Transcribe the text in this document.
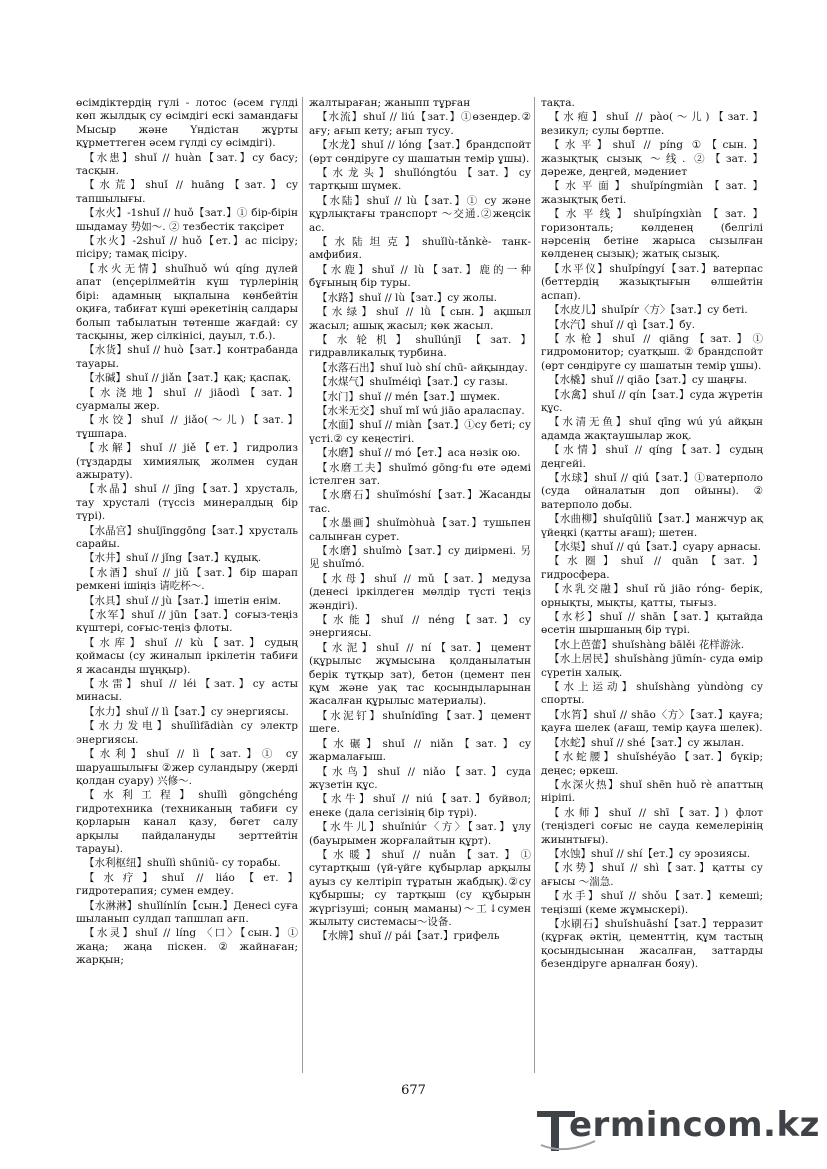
өсімдіктердің гүлі - лотос (әсем гүлді көп жылдық су өсімдігі ескі замандағы Мысыр және Үндістан жұрты құрметтеген әсем гүлді су өсімдігі).

【水患】shuǐ // huàn【зат.】су басу; тасқын.

【水荒】shuǐ // huāng【зат.】су тапшылығы.

【水火】-1shuǐ // huǒ【зат.】① бір-бірін шыдамау 势如～. ② тезбестік тақсірет

【水火】-2shuǐ // huǒ【ет.】ас пісіру; пісіру; тамақ пісіру.

【水火无情】shuǐhuǒ wú qíng дүлей апат (ençерілмейтін күш түрлерінің бірі: адамның ықпалына көнбейтін оқиға, табиғат күші әрекетінің салдары болып табылатын төтенше жағдай: су тасқыны, жер сілкінісі, дауыл, т.б.).

【水货】shuǐ // huò【зат.】контрабанда тауары.

【水碱】shuǐ // jiǎn【зат.】қақ; қаспақ.

【水浇地】shuǐ // jiāodì【зат.】суармалы жер.

【水饺】shuǐ // jiǎo(～儿)【зат.】тұшпара.

【水解】shuǐ // jiě【ет.】гидролиз (тұздарды химиялық жолмен судан ажырату).

【水晶】shuǐ // jīng【зат.】хрусталь, тау хрусталі (түссіз минералдың бір түрі).

【水晶宫】shuǐjīnggōng【зат.】хрусталь сарайы.

【水井】shuǐ // jǐng【зат.】құдық.

【水酒】shuǐ // jiǔ【зат.】бір шарап ремкені ішіңіз 请吃杯～.

【水具】shuǐ // jù【зат.】ішетін енім.

【水军】shuǐ // jūn【зат.】соғыз-теңіз күштері, соғыс-теңіз флоты.

【水库】shuǐ // kù【зат.】судың қоймасы (су жиналып іркілетін табиғи я жасанды шұңқыр).

【水雷】shuǐ // léi【зат.】су асты минасы.

【水力】shuǐ // lì【зат.】су энергиясы.

【水力发电】shuǐlìfādiàn су электр энергиясы.

【水利】shuǐ // lì【зат.】① су шаруашылығы ②жер суландыру (жерді қолдан суару) 兴修～.

【水利工程】shuǐlì gōngchéng гидротехника (техниканың табиғи су қорларын канал қазу, бөгет салу арқылы пайдалануды зерттейтін тарауы).

【水利枢纽】shuǐlì shūniǔ- су торабы.

【水疗】shuǐ // liáo【ет.】гидротерапия; сумен емдеу.

【水淋淋】shuǐlínlín【сын.】Денесі суға шыланып сулдап тапшлап ағп.

【水灵】shuǐ // líng 〈口〉【сын.】① жаңа; жаңа піскен.②жайнаған; жарқын;

жалтыраған; жаныпп тұрған

【水流】shuǐ // liú【зат.】①өзендер.② ағу; ағып кету; ағып тусу.

【水龙】shuǐ // lóng【зат.】брандспойт (өрт сөндіруге су шашатын темір ұшы).

【水龙头】shuǐlóngtóu【зат.】су тартқыш шүмек.

【水陆】shuǐ // lù【зат.】① су және құрлықтағы транспорт ～交通.②жеңсік ас.

【水陆坦克】shuǐlù-tǎnkè- танк-амфибия.

【水鹿】shuǐ // lù【зат.】鹿的一种 бұғының бір туры.

【水路】shuǐ // lù【зат.】су жолы.

【水绿】shuǐ // lǜ【сын.】ақшыл жасыл; ашық жасыл; көк жасыл.

【水轮机】shuǐlúnjī【зат.】гидравликалық турбина.

【水落石出】shuǐ luò shí chū- айқындау.

【水煤气】shuǐméiqì【зат.】су газы.

【水门】shuǐ // mén【зат.】шүмек.

【水米无交】shuǐ mǐ wú jiāo араласпау.

【水面】shuǐ // miàn【зат.】①су беті; су үсті.② су кеңестігі.

【水磨】shuǐ // mó【ет.】аса нәзік ою.

【水磨工夫】shuǐmó gōng·fu өте әдемі істелген зат.

【水磨石】shuǐmóshí【зат.】Жасанды тас.

【水墨画】shuǐmòhuà【зат.】тушьпен салынған сурет.

【水磨】shuǐmò【зат.】су диірмені. 另见 shuǐmó.

【水母】shuǐ // mǔ【зат.】медуза (денесі іркілдеген мөлдір түсті теңіз жәндігі).

【水能】shuǐ // néng【зат.】су энергиясы.

【水泥】shuǐ // ní【зат.】цемент (құрылыс жұмысына қолданылатын берік тұтқыр зат), бетон (цемент пен құм және уақ тас қосындыларынан жасалған құрылыс материалы).

【水泥钉】shuǐnídīng【зат.】цемент шеге.

【水碾】shuǐ // niǎn【зат.】су жармалағыш.

【水鸟】shuǐ // niǎo【зат.】суда жүзетін құс.

【水牛】shuǐ // niú【зат.】буйвол; енеке (дала сегізінің бір түрі).

【水牛儿】shuǐniúr〈方〉【зат.】ұлу (бауырымен жорғалайтын құрт).

【水暖】shuǐ // nuǎn【зат.】① сутартқыш (үй-үйге құбырлар арқылы ауыз су келтіріп тұратын жабдық).②су құбыршы; су тартқыш (су құбырын жүргізуші; соның маманы)～工↓сумен жылыту системасы～设备.

【水牌】shuǐ // pái【зат.】грифель

тақта.

【水疱】shuǐ // pào(～儿)【зат.】везикул; сулы бөртпе.

【水平】shuǐ // píng ①【сын.】жазықтық сызық ～线. ②【зат.】дәреже, деңгей, мәдениет

【水平面】shuǐpíngmiàn【зат.】жазықтық беті.

【水平线】shuǐpíngxiàn【зат.】горизонталь; көлденең (белгілі нәрсенің бетіне жарыса сызылған көлденең сызық); жатық сызық.

【水平仪】shuǐpíngyí【зат.】ватерпас (беттердің жазықтығын өлшейтін аспап).

【水皮儿】shuǐpír〈方〉【зат.】су беті.

【水汽】shuǐ // qì【зат.】бу.

【水枪】shuǐ // qiāng【зат.】① гидромонитор; суатқыш. ② брандспойт (өрт сөндіруге су шашатын темір ұшы).

【水橇】shuǐ // qiāo【зат.】су шаңғы.

【水禽】shuǐ // qín【зат.】суда жүретін құс.

【水清无鱼】shuǐ qīng wú yú айқын адамда жақтаушылар жоқ.

【水情】shuǐ // qíng【зат.】судың деңгейі.

【水球】shuǐ // qiú【зат.】①ватерполо (суда ойналатын доп ойыны). ② ватерполо добы.

【水曲柳】shuǐqūliǔ【зат.】манжчур ақ үйеңкі (қатты ағаш); шетен.

【水渠】shuǐ // qú【зат.】суару арнасы.

【水圈】shuǐ // quān【зат.】гидросфера.

【水乳交融】shuǐ rǔ jiāo róng- берік, орнықты, мықты, қатты, тығыз.

【水杉】shuǐ // shān【зат.】қытайда өсетін шыршаның бір түрі.

【水上芭蕾】shuǐshàng bālěi 花样游泳.

【水上居民】shuǐshàng jūmín- суда өмір сүретін халық.

【水上运动】shuǐshàng yùndòng су спорты.

【水筲】shuǐ // shāo〈方〉【зат.】қауға; қауға шелек (ағаш, темір қауға шелек).

【水蛇】shuǐ // shé【зат.】су жылан.

【水蛇腰】shuǐshéyāo【зат.】бүкір; деңес; өркеш.

【水深火热】shuǐ shēn huǒ rè апаттың ніріпі.

【水师】shuǐ // shī【зат.】) флот (теңіздегі соғыс не сауда кемелерінің жиынтығы).

【水蚀】shuǐ // shí【ет.】су эрозиясы.

【水势】shuǐ // shì【зат.】қатты су ағысы ～湍急.

【水手】shuǐ // shǒu【зат.】кемеші; теңізші (кеме жұмыскері).

【水刷石】shuǐshuāshí【зат.】терразит (құрғақ әктің, цементтің, құм тастың қосындысынан жасалған, заттарды безендіруге арналған бояу).

677
ermincom.kz
